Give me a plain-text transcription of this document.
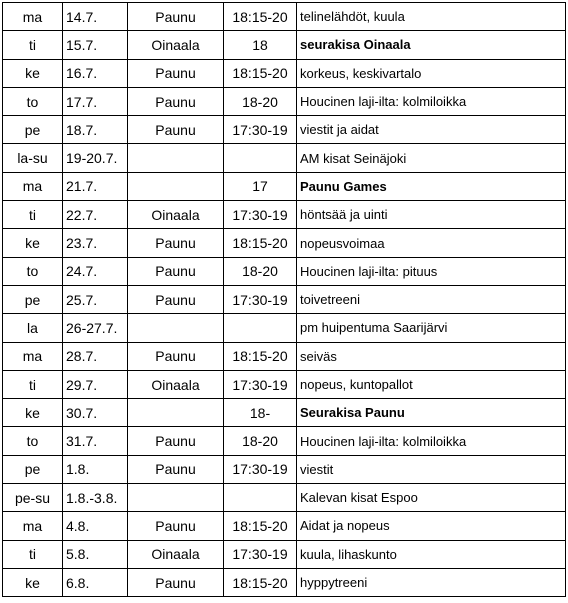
ma	14.7.	Paunu	18:15-20	telinelähdöt, kuula
ti	15.7.	Oinaala	18	seurakisa Oinaala
ke	16.7.	Paunu	18:15-20	korkeus, keskivartalo
to	17.7.	Paunu	18-20	Houcinen laji-ilta: kolmiloikka
pe	18.7.	Paunu	17:30-19	viestit ja aidat
la-su	19-20.7.			AM kisat Seinäjoki
ma	21.7.		17	Paunu Games
ti	22.7.	Oinaala	17:30-19	höntsää ja uinti
ke	23.7.	Paunu	18:15-20	nopeusvoimaa
to	24.7.	Paunu	18-20	Houcinen laji-ilta: pituus
pe	25.7.	Paunu	17:30-19	toivetreeni
la	26-27.7.			pm huipentuma Saarijärvi
ma	28.7.	Paunu	18:15-20	seiväs
ti	29.7.	Oinaala	17:30-19	nopeus, kuntopallot
ke	30.7.		18-	Seurakisa Paunu
to	31.7.	Paunu	18-20	Houcinen laji-ilta: kolmiloikka
pe	1.8.	Paunu	17:30-19	viestit
pe-su	1.8.-3.8.			Kalevan kisat Espoo
ma	4.8.	Paunu	18:15-20	Aidat ja nopeus
ti	5.8.	Oinaala	17:30-19	kuula, lihaskunto
ke	6.8.	Paunu	18:15-20	hyppytreeni
